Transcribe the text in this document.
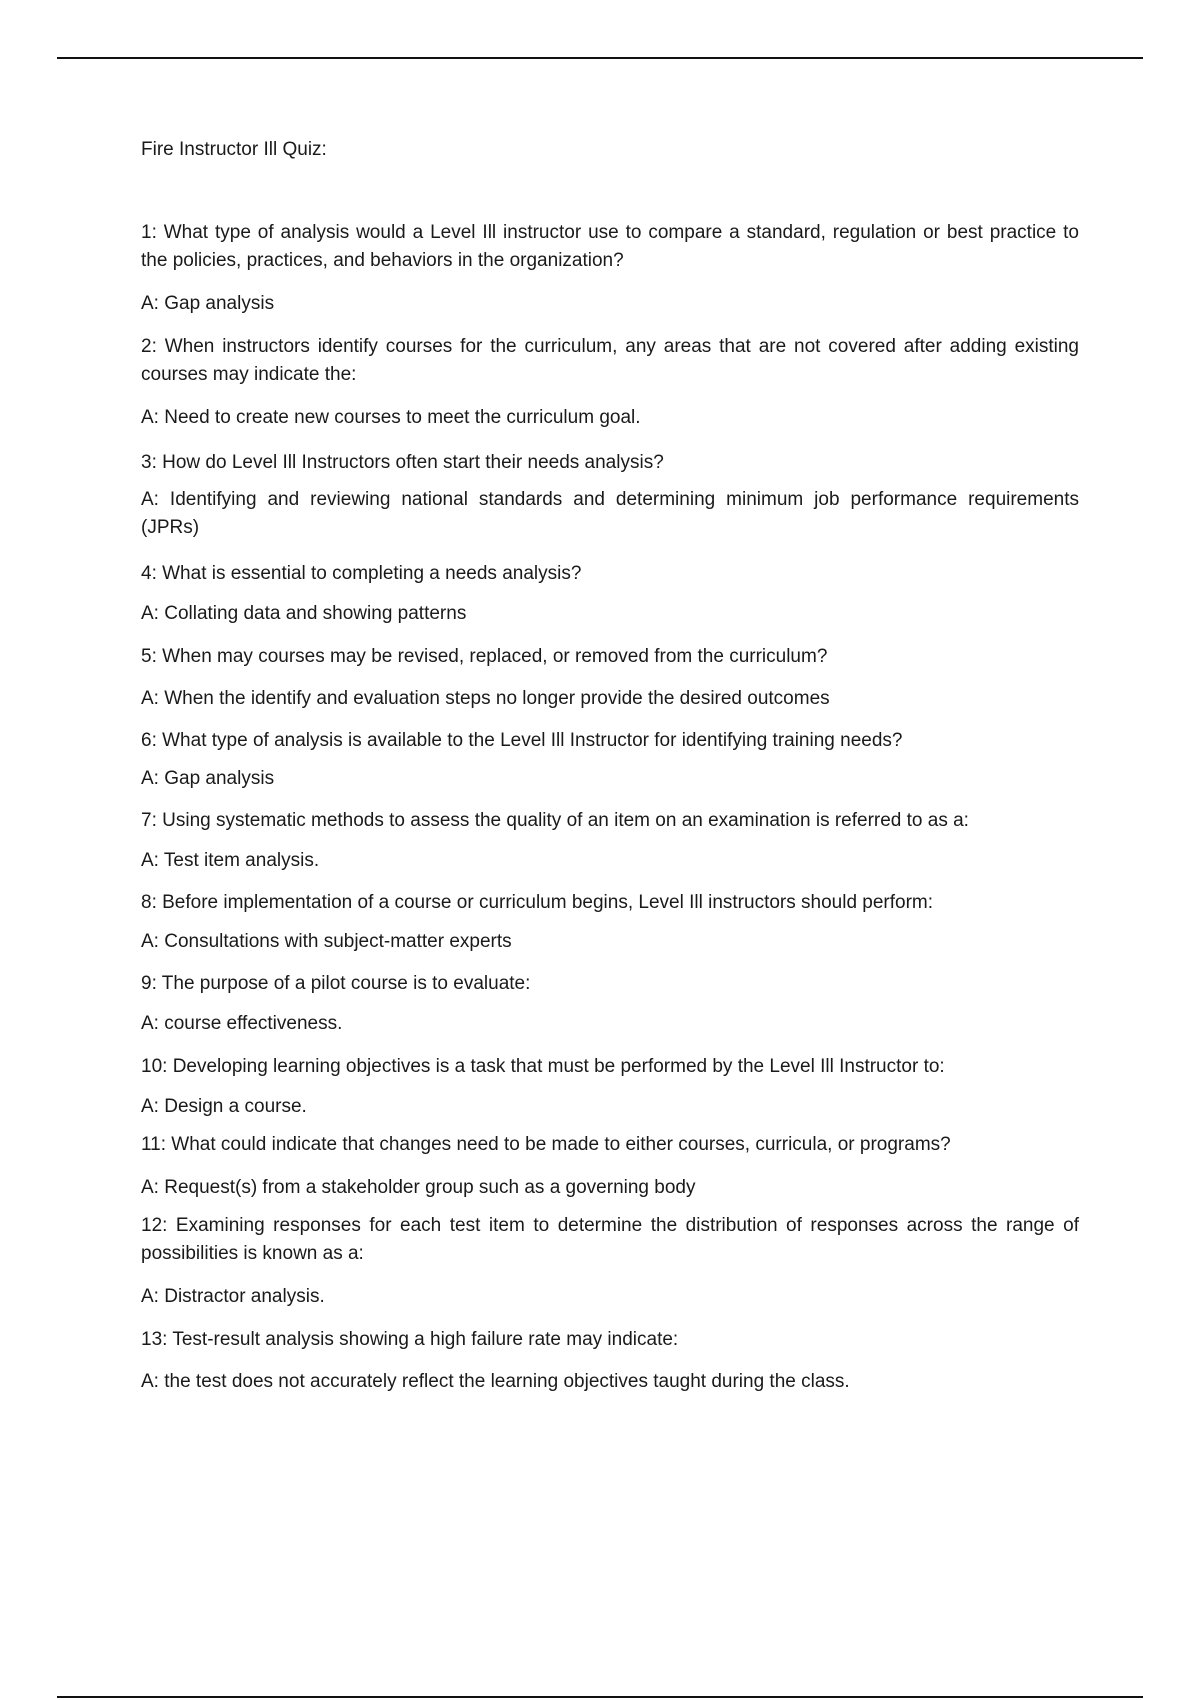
Fire Instructor Ill Quiz:
1: What type of analysis would a Level Ill instructor use to compare a standard, regulation or best practice to the policies, practices, and behaviors in the organization?
A: Gap analysis
2: When instructors identify courses for the curriculum, any areas that are not covered after adding existing courses may indicate the:
A: Need to create new courses to meet the curriculum goal.
3: How do Level Ill Instructors often start their needs analysis?
A: Identifying and reviewing national standards and determining minimum job performance requirements (JPRs)
4: What is essential to completing a needs analysis?
A: Collating data and showing patterns
5: When may courses may be revised, replaced, or removed from the curriculum?
A: When the identify and evaluation steps no longer provide the desired outcomes
6: What type of analysis is available to the Level Ill Instructor for identifying training needs?
A: Gap analysis
7: Using systematic methods to assess the quality of an item on an examination is referred to as a:
A: Test item analysis.
8: Before implementation of a course or curriculum begins, Level Ill instructors should perform:
A: Consultations with subject-matter experts
9: The purpose of a pilot course is to evaluate:
A: course effectiveness.
10: Developing learning objectives is a task that must be performed by the Level Ill Instructor to:
A: Design a course.
11: What could indicate that changes need to be made to either courses, curricula, or programs?
A: Request(s) from a stakeholder group such as a governing body
12: Examining responses for each test item to determine the distribution of responses across the range of possibilities is known as a:
A: Distractor analysis.
13: Test-result analysis showing a high failure rate may indicate:
A: the test does not accurately reflect the learning objectives taught during the class.
